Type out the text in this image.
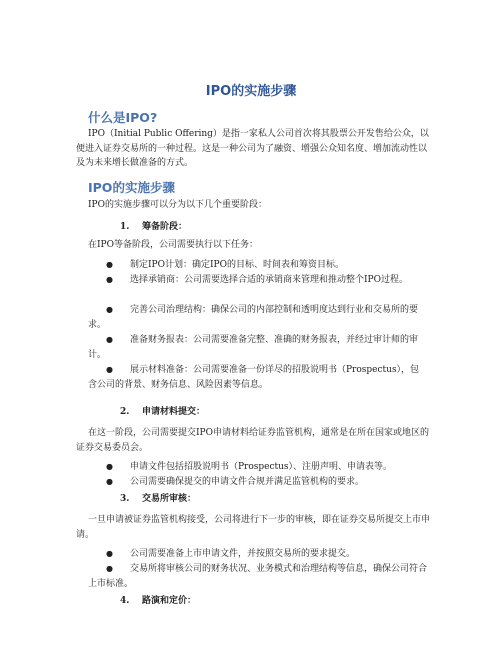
IPO的实施步骤
什么是IPO?

IPO（Initial Public Offering）是指一家私人公司首次将其股票公开发售给公众，以便进入证券交易所的一种过程。这是一种公司为了融资、增强公众知名度、增加流动性以及为未来增长做准备的方式。

IPO的实施步骤

IPO的实施步骤可以分为以下几个重要阶段：

1. 筹备阶段：

在IPO等备阶段，公司需要执行以下任务：

● 制定IPO计划：确定IPO的目标、时间表和筹资目标。

● 选择承销商：公司需要选择合适的承销商来管理和推动整个IPO过程。

● 完善公司治理结构：确保公司的内部控制和透明度达到行业和交易所的要求。

● 准备财务报表：公司需要准备完整、准确的财务报表，并经过审计师的审计。

● 展示材料准备：公司需要准备一份详尽的招股说明书（Prospectus），包含公司的背景、财务信息、风险因素等信息。

2. 申请材料提交：

在这一阶段，公司需要提交IPO申请材料给证券监管机构，通常是在所在国家或地区的证券交易委员会。

● 申请文件包括招股说明书（Prospectus）、注册声明、申请表等。

● 公司需要确保提交的申请文件合规并满足监管机构的要求。

3. 交易所审核：

一旦申请被证券监管机构接受，公司将进行下一步的审核，即在证券交易所提交上市申请。

● 公司需要准备上市申请文件，并按照交易所的要求提交。

● 交易所将审核公司的财务状况、业务模式和治理结构等信息，确保公司符合上市标准。

4. 路演和定价：
